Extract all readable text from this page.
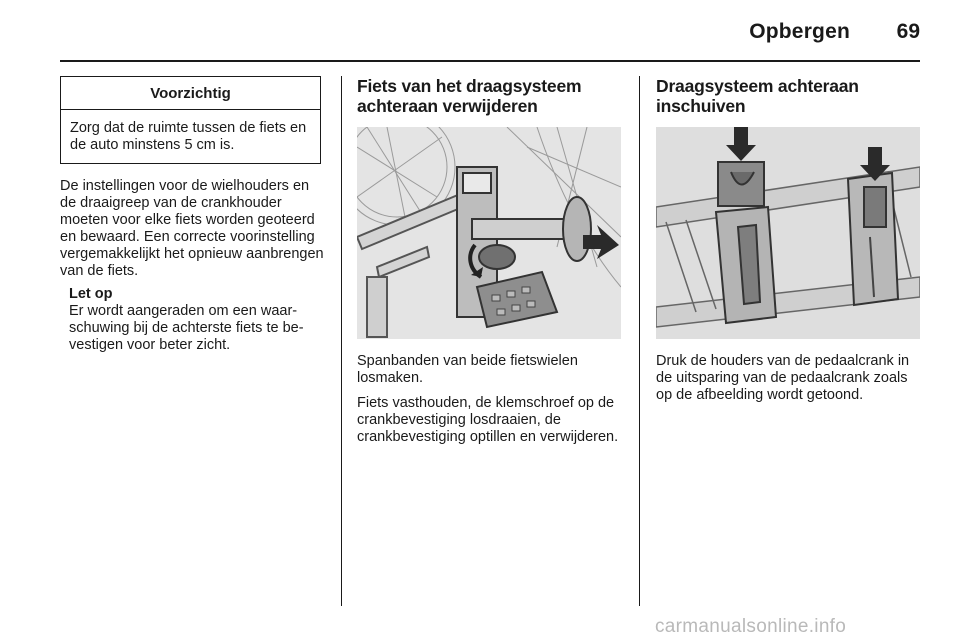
Opbergen	69
Voorzichtig
Zorg dat de ruimte tussen de fiets en de auto minstens 5 cm is.

De instellingen voor de wielhouders en de draaigreep van de crankhouder moeten voor elke fiets worden geoteerd en bewaard. Een correcte voorinstelling vergemakkelijkt het opnieuw aanbrengen van de fiets.

Let op

Er wordt aangeraden om een waarschuwing bij de achterste fiets te bevestigen voor beter zicht.

Fiets van het draagsysteem achteraan verwijderen

Spanbanden van beide fietswielen losmaken.

Fiets vasthouden, de klemschroef op de crankbevestiging losdraaien, de crankbevestiging optillen en verwijderen.

Draagsysteem achteraan inschuiven

Druk de houders van de pedaalcrank in de uitsparing van de pedaalcrank zoals op de afbeelding wordt getoond.

carmanualsonline.info
